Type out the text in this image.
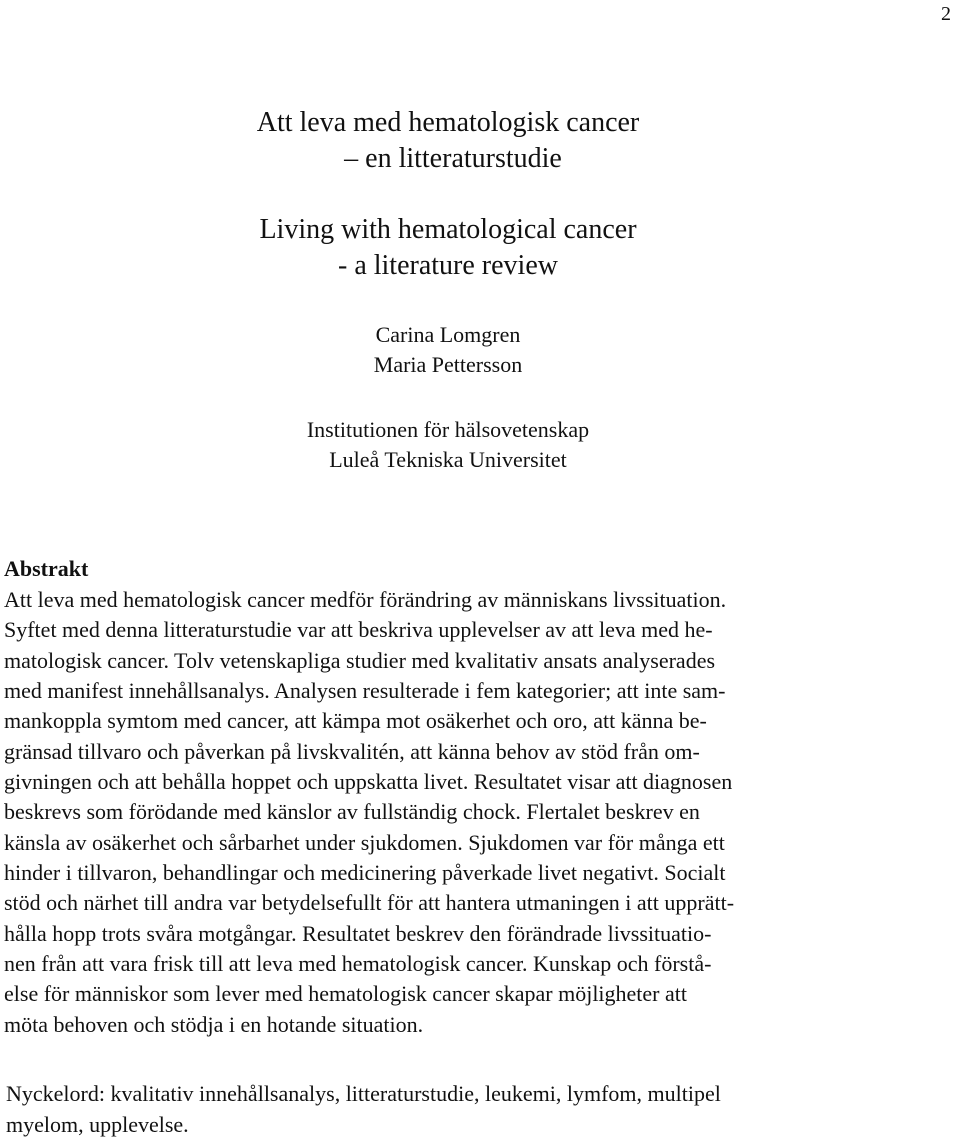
2
Att leva med hematologisk cancer
– en litteraturstudie
Living with hematological cancer
- a literature review
Carina Lomgren
Maria Pettersson
Institutionen för hälsovetenskap
Luleå Tekniska Universitet
Abstrakt
Att leva med hematologisk cancer medför förändring av människans livssituation.
Syftet med denna litteraturstudie var att beskriva upplevelser av att leva med he-
matologisk cancer. Tolv vetenskapliga studier med kvalitativ ansats analyserades
med manifest innehållsanalys. Analysen resulterade i fem kategorier; att inte sam-
mankoppla symtom med cancer, att kämpa mot osäkerhet och oro, att känna be-
gränsad tillvaro och påverkan på livskvalitén, att känna behov av stöd från om-
givningen och att behålla hoppet och uppskatta livet. Resultatet visar att diagnosen
beskrevs som förödande med känslor av fullständig chock. Flertalet beskrev en
känsla av osäkerhet och sårbarhet under sjukdomen. Sjukdomen var för många ett
hinder i tillvaron, behandlingar och medicinering påverkade livet negativt. Socialt
stöd och närhet till andra var betydelsefullt för att hantera utmaningen i att upprätt-
hålla hopp trots svåra motgångar. Resultatet beskrev den förändrade livssituatio-
nen från att vara frisk till att leva med hematologisk cancer. Kunskap och förstå-
else för människor som lever med hematologisk cancer skapar möjligheter att
möta behoven och stödja i en hotande situation.
Nyckelord: kvalitativ innehållsanalys, litteraturstudie, leukemi, lymfom, multipel
myelom, upplevelse.
